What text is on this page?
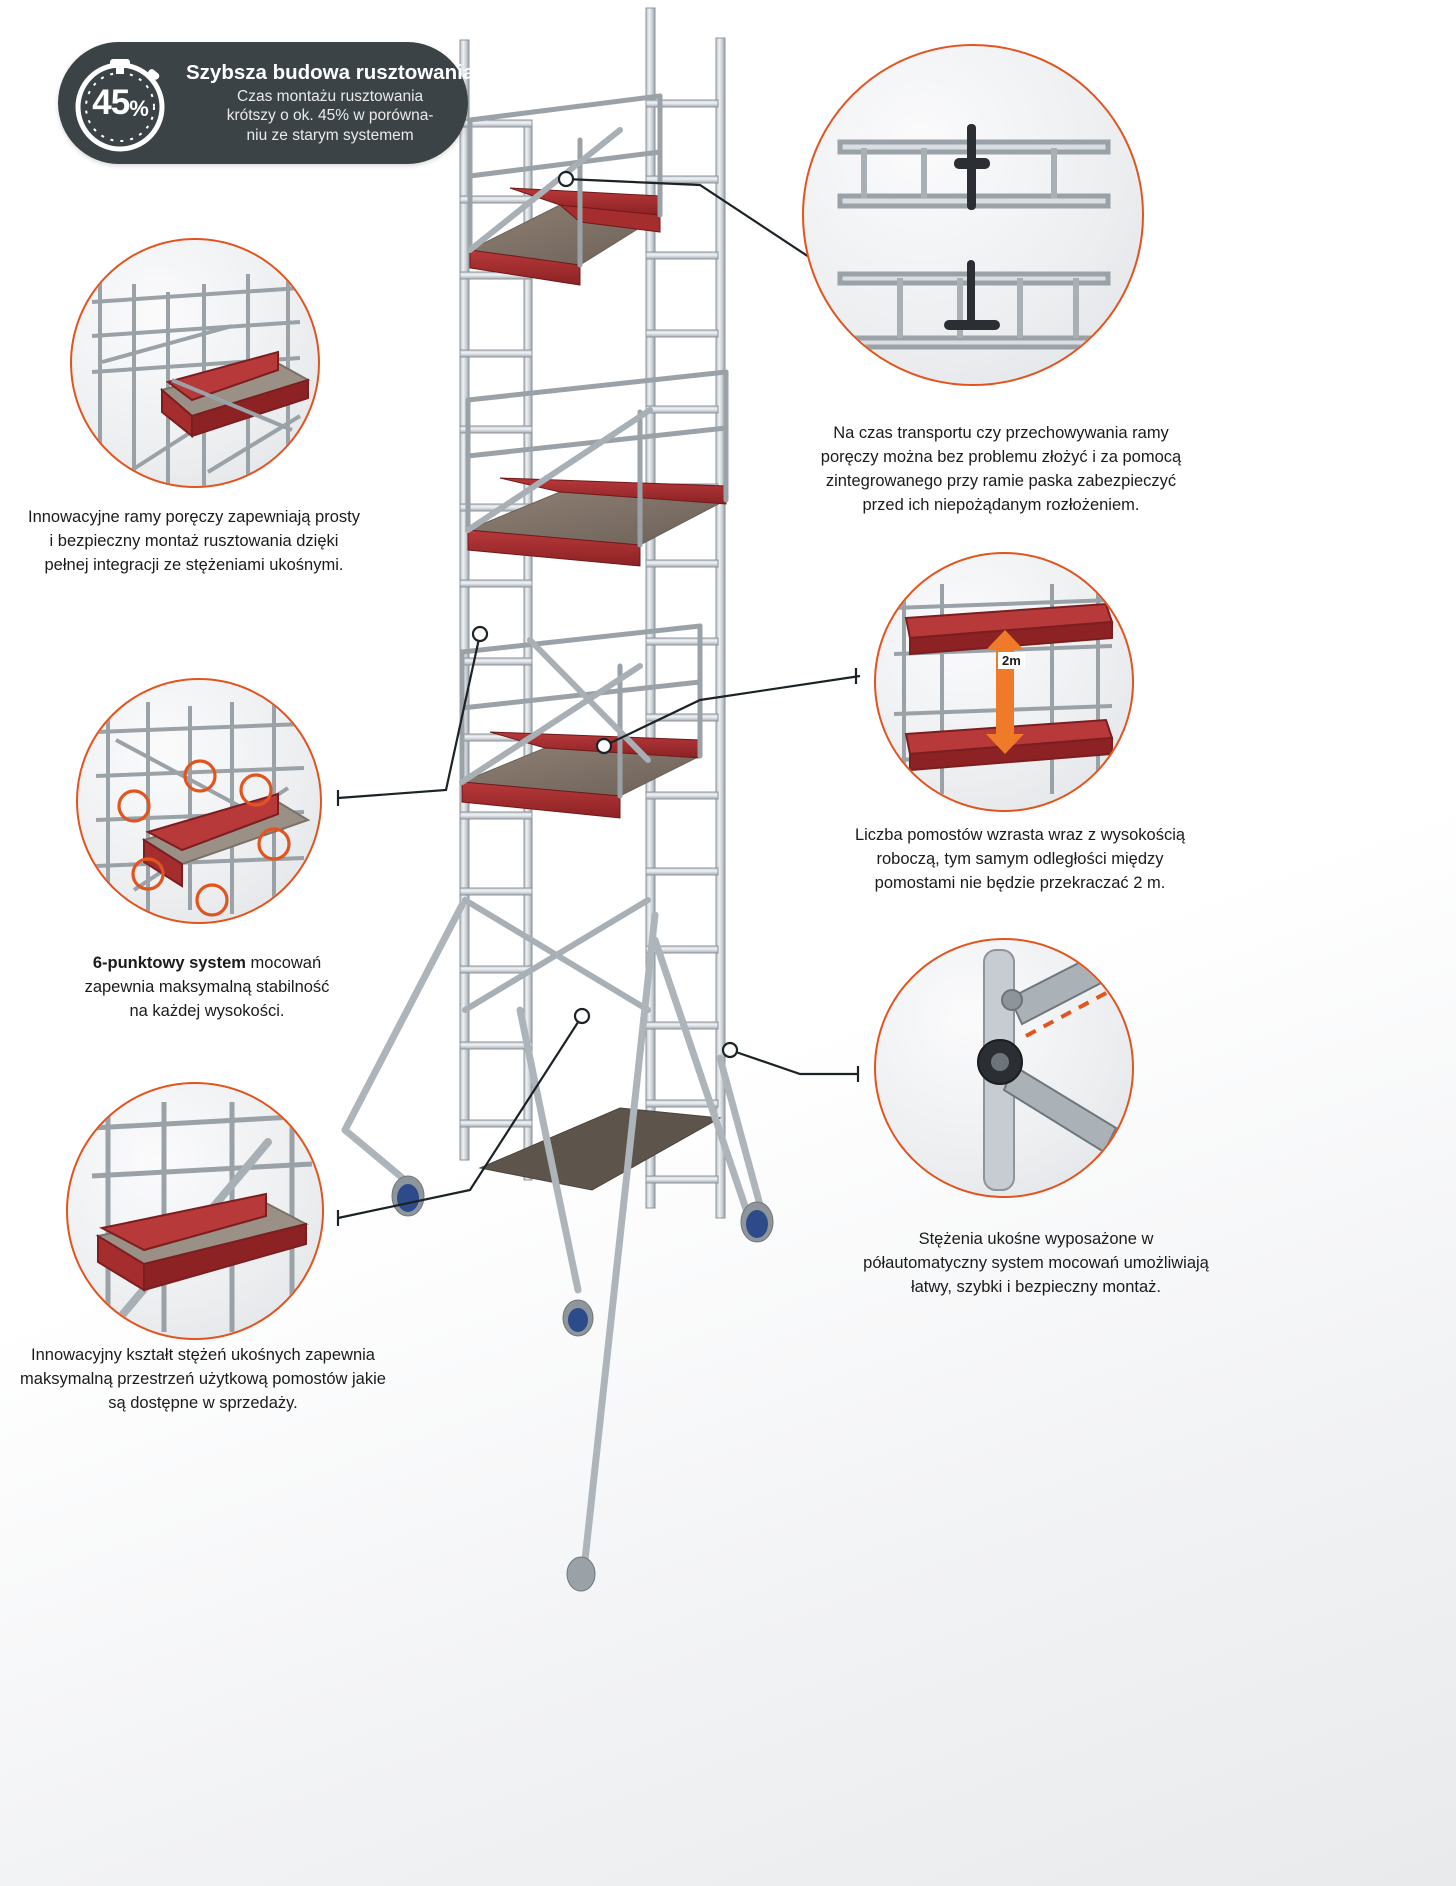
45 %
Szybsza budowa rusztowania
Czas montażu rusztowania
krótszy o ok. 45% w porówna-
niu ze starym systemem
Innowacyjne ramy poręczy zapewniają prosty
i bezpieczny montaż rusztowania dzięki
pełnej integracji ze stężeniami ukośnymi.
Na czas transportu czy przechowywania ramy
poręczy można bez problemu złożyć i za pomocą
zintegrowanego przy ramie paska zabezpieczyć
przed ich niepożądanym rozłożeniem.
6-punktowy system mocowań
zapewnia maksymalną stabilność
na każdej wysokości.
2m
Liczba pomostów wzrasta wraz z wysokością
roboczą, tym samym odległości między
pomostami nie będzie przekraczać 2 m.
Innowacyjny kształt stężeń ukośnych zapewnia
maksymalną przestrzeń użytkową pomostów jakie
są dostępne w sprzedaży.
Stężenia ukośne wyposażone w
półautomatyczny system mocowań umożliwiają
łatwy, szybki i bezpieczny montaż.
